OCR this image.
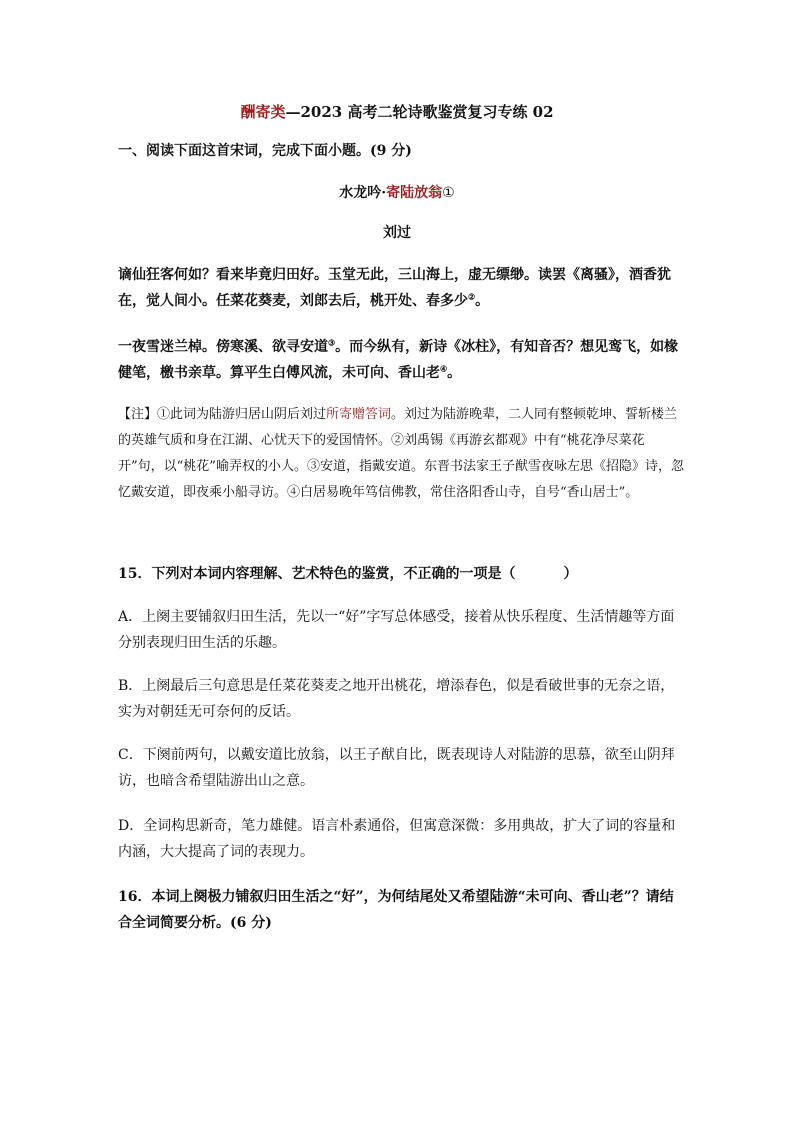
酬寄类—2023 高考二轮诗歌鉴赏复习专练 02
一、阅读下面这首宋词，完成下面小题。(9 分)
水龙吟·寄陆放翁①
刘过
谪仙狂客何如？看来毕竟归田好。玉堂无此，三山海上，虚无缥缈。读罢《离骚》，酒香犹在，觉人间小。任菜花葵麦，刘郎去后，桃开处、春多少②。
一夜雪迷兰棹。傍寒溪、欲寻安道③。而今纵有，新诗《冰柱》，有知音否？想见鸾飞，如椽健笔，檄书亲草。算平生白傅风流，未可向、香山老④。
【注】①此词为陆游归居山阴后刘过所寄赠答词。刘过为陆游晚辈，二人同有整顿乾坤、誓斩楼兰的英雄气质和身在江湖、心忧天下的爱国情怀。②刘禹锡《再游玄都观》中有“桃花净尽菜花开”句，以“桃花”喻弄权的小人。③安道，指戴安道。东晋书法家王子猷雪夜咏左思《招隐》诗，忽忆戴安道，即夜乘小船寻访。④白居易晚年笃信佛教，常住洛阳香山寺，自号“香山居士”。
15．下列对本词内容理解、艺术特色的鉴赏，不正确的一项是（	）
A．上阕主要铺叙归田生活，先以一“好”字写总体感受，接着从快乐程度、生活情趣等方面分别表现归田生活的乐趣。
B．上阕最后三句意思是任菜花葵麦之地开出桃花，增添春色，似是看破世事的无奈之语，实为对朝廷无可奈何的反话。
C．下阕前两句，以戴安道比放翁，以王子猷自比，既表现诗人对陆游的思慕，欲至山阴拜访，也暗含希望陆游出山之意。
D．全词构思新奇，笔力雄健。语言朴素通俗，但寓意深微：多用典故，扩大了词的容量和内涵，大大提高了词的表现力。
16．本词上阕极力铺叙归田生活之“好”，为何结尾处又希望陆游“未可向、香山老”？请结合全词简要分析。(6 分)
